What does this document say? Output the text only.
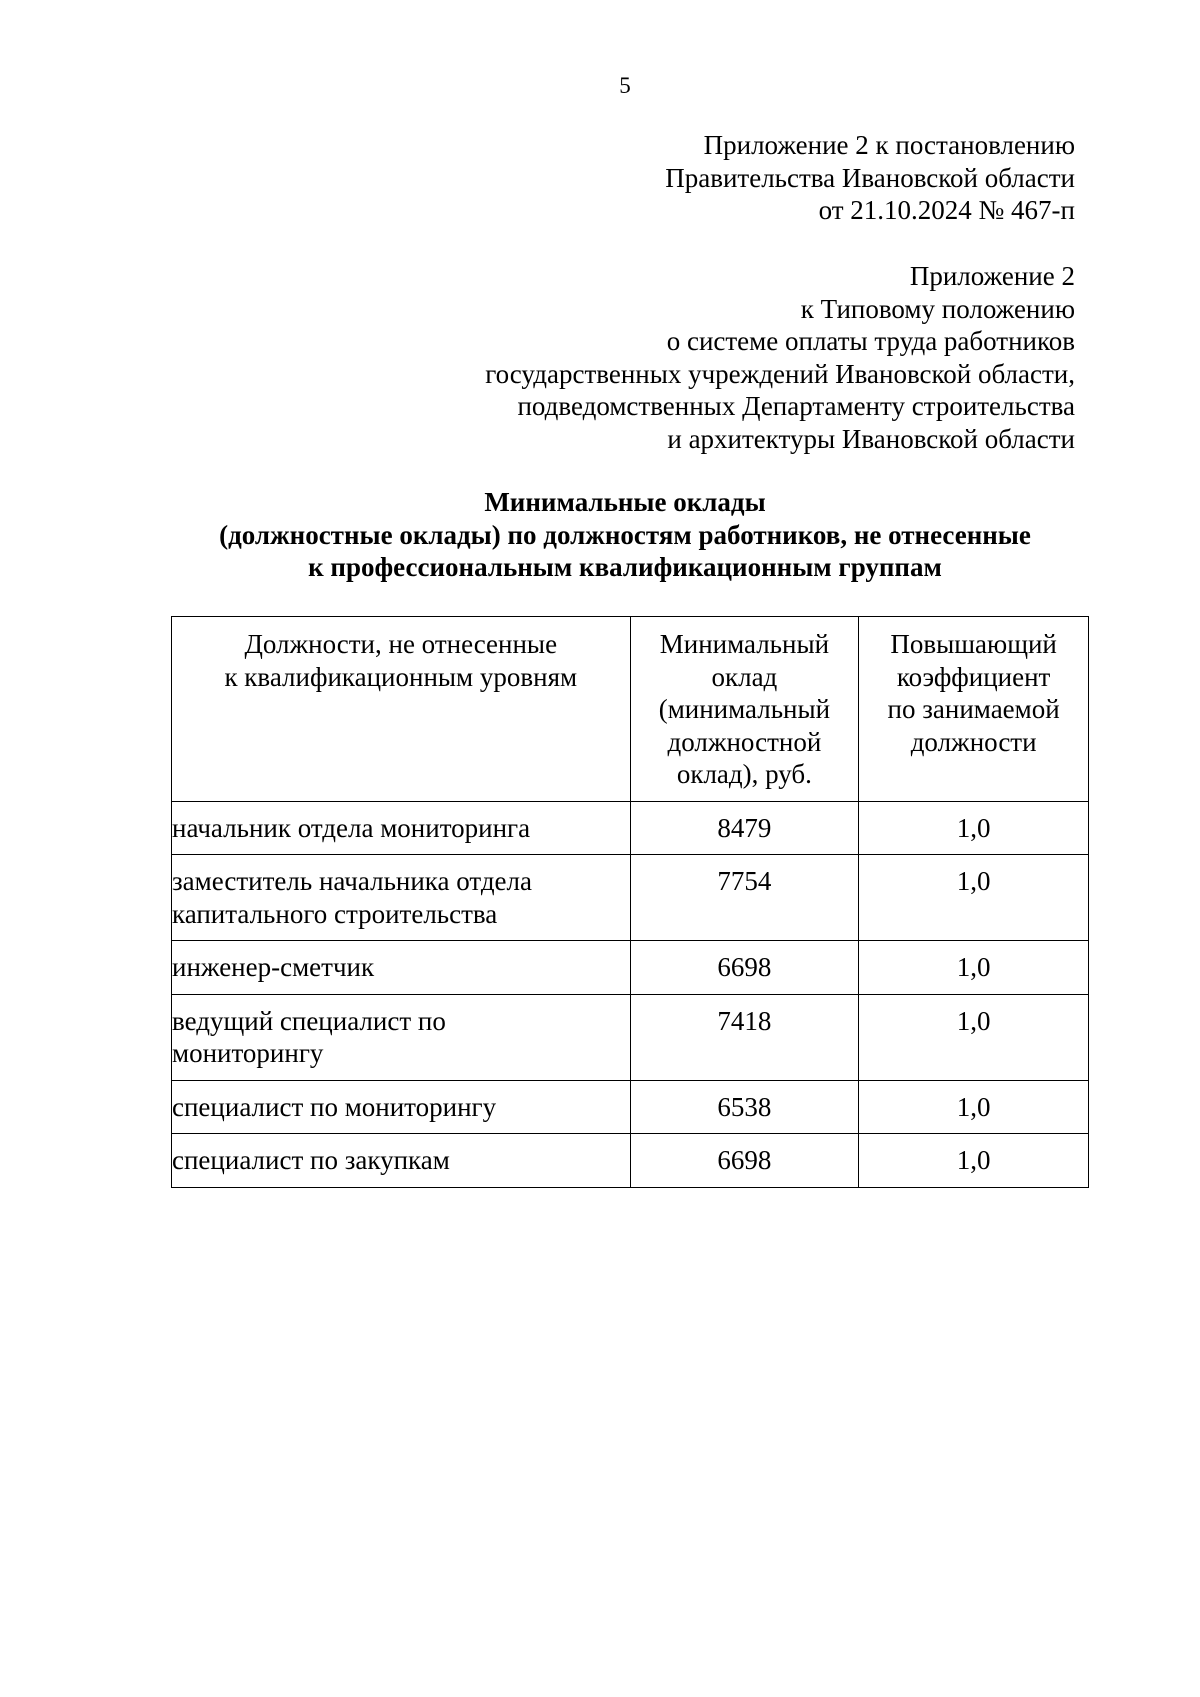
5
Приложение 2 к постановлению
Правительства Ивановской области
от 21.10.2024 № 467-п
Приложение 2
к Типовому положению
о системе оплаты труда работников
государственных учреждений Ивановской области,
подведомственных Департаменту строительства
и архитектуры Ивановской области
Минимальные оклады
(должностные оклады) по должностям работников, не отнесенные
к профессиональным квалификационным группам
Должности, не отнесенные
к квалификационным уровням	Минимальный
оклад
(минимальный
должностной
оклад), руб.	Повышающий
коэффициент
по занимаемой
должности

начальник отдела мониторинга	8479	1,0

заместитель начальника отдела
капитального строительства	7754	1,0

инженер-сметчик	6698	1,0

ведущий специалист по
мониторингу	7418	1,0

специалист по мониторингу	6538	1,0

специалист по закупкам	6698	1,0
